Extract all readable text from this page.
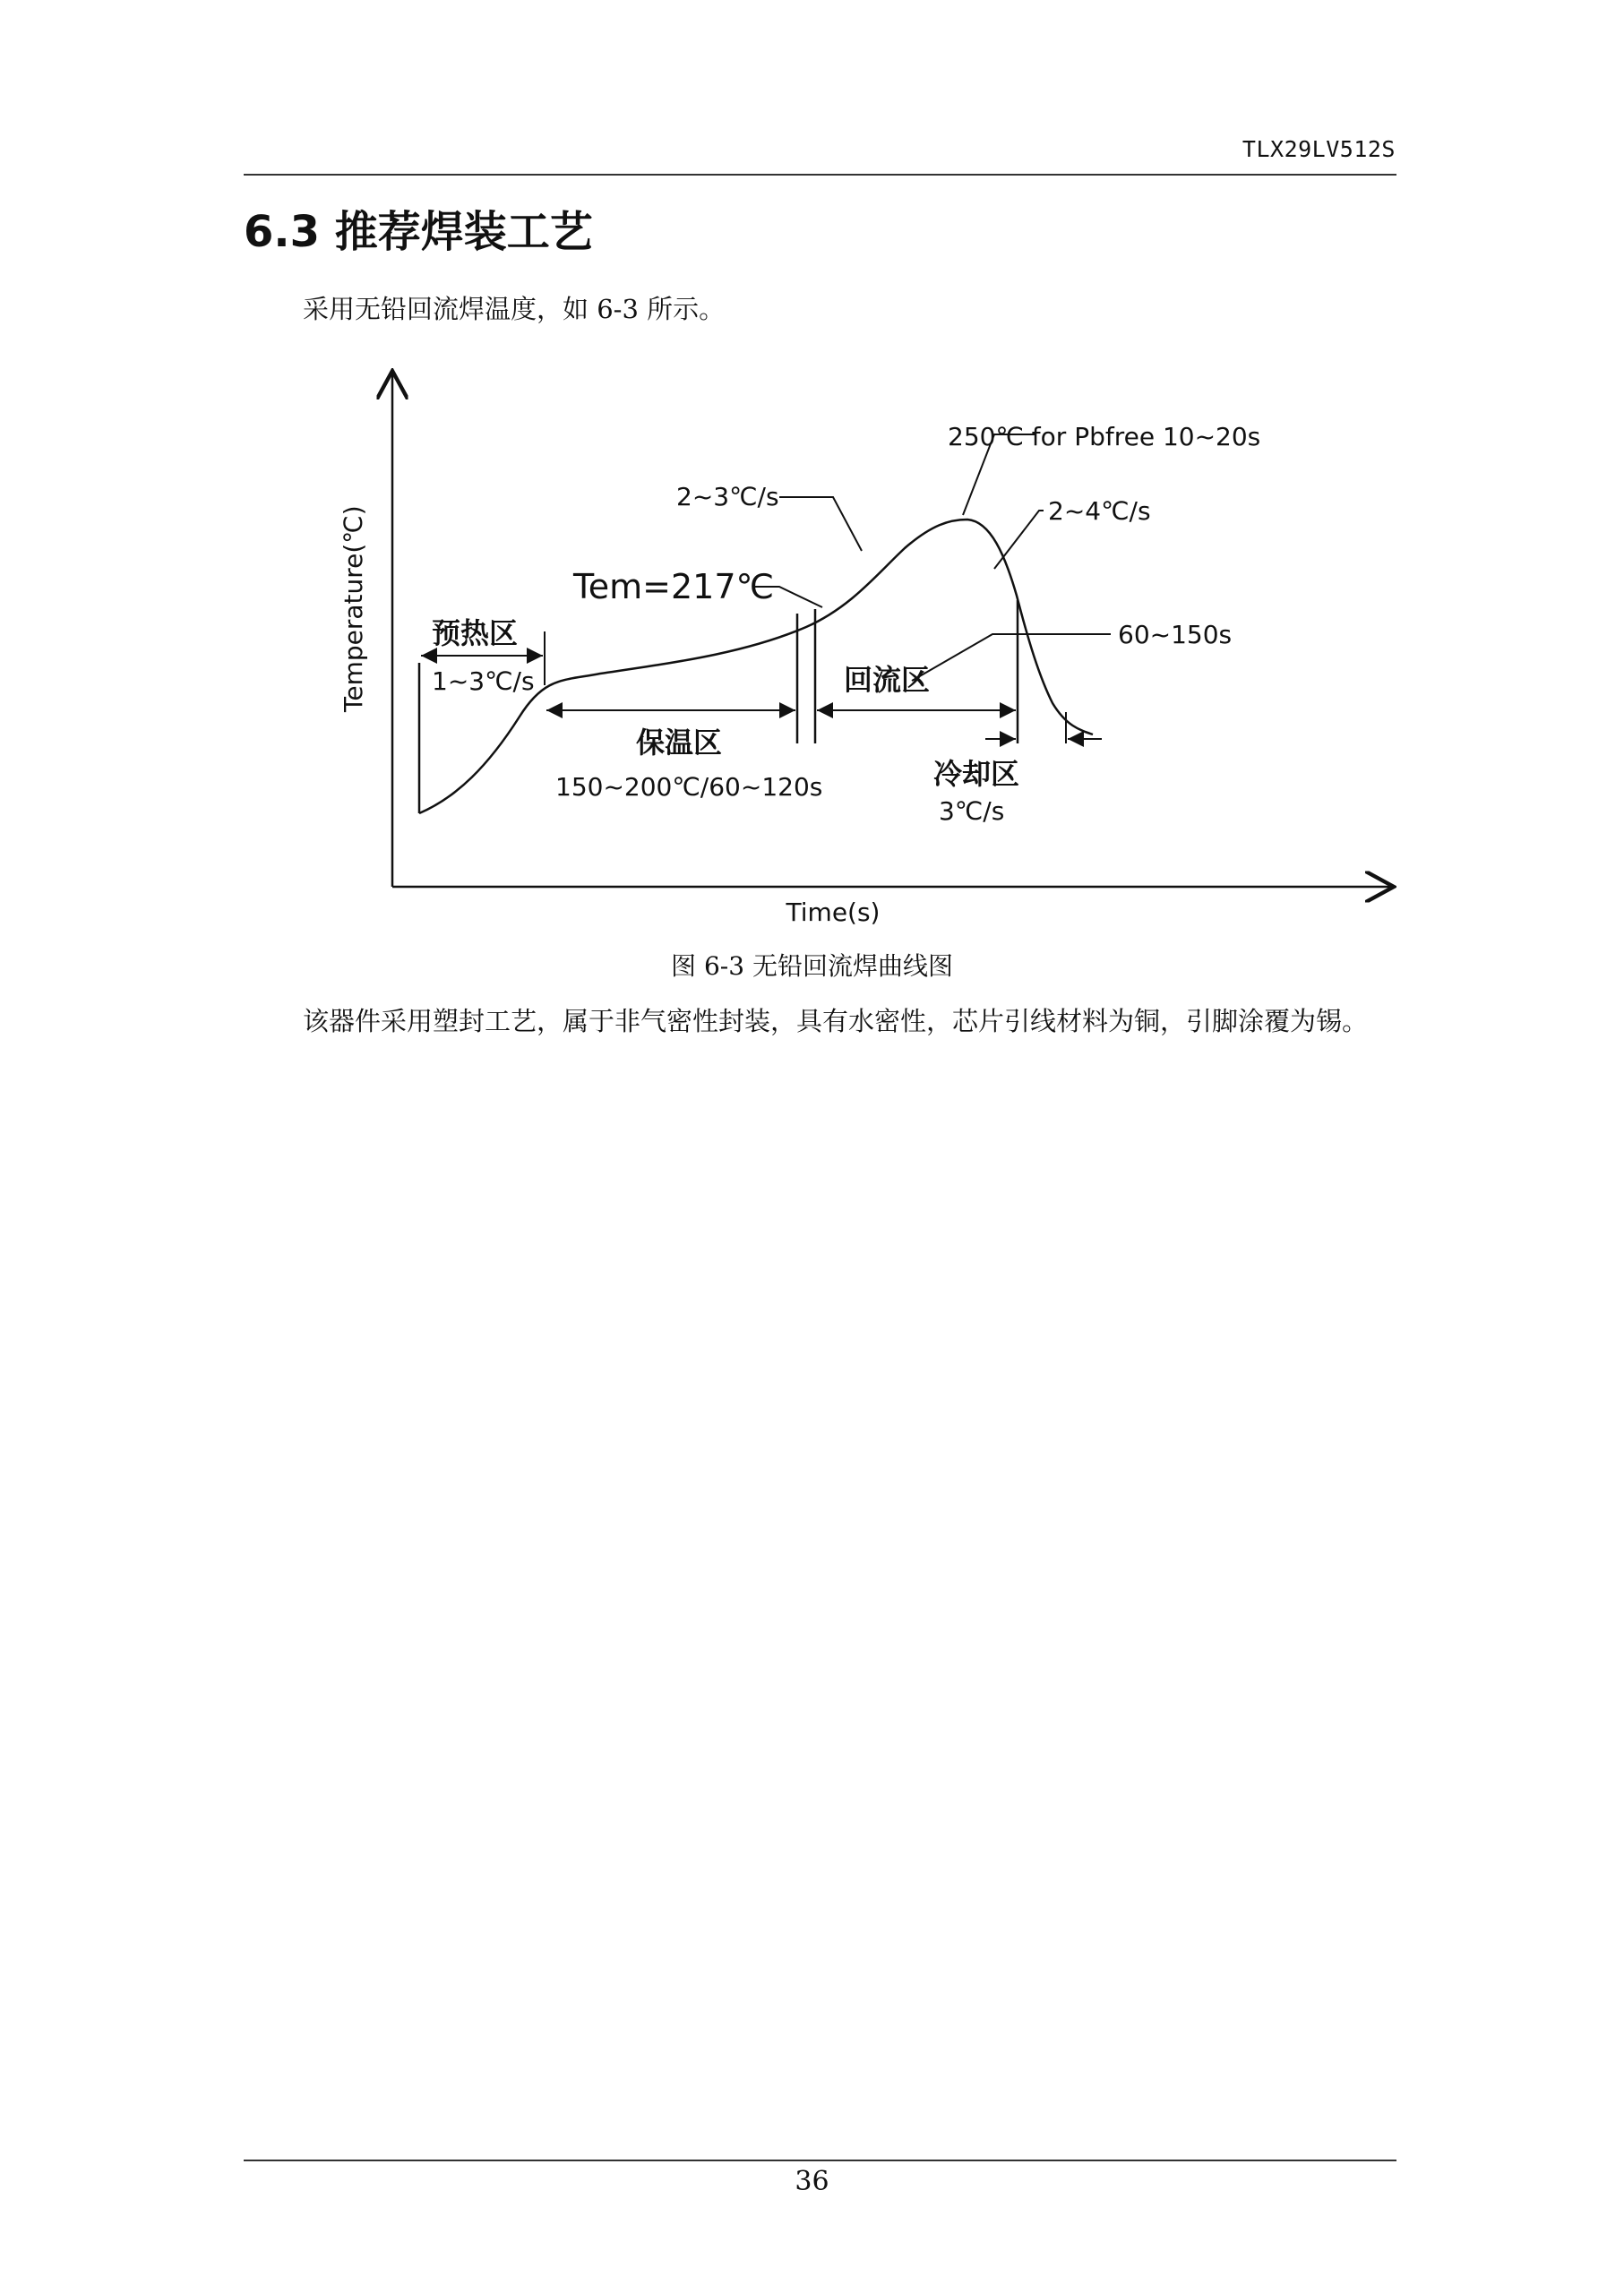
TLX29LV512S
6.3 推荐焊装工艺

采用无铅回流焊温度，如 6-3 所示。

Temperature(℃)
Time(s)
250℃ for Pbfree 10~20s
2~3℃/s	2~4℃/s
Tem=217℃
60~150s
预热区
1~3℃/s
保温区
150~200℃/60~120s
回流区
冷却区
3℃/s
图 6-3 无铅回流焊曲线图

该器件采用塑封工艺，属于非气密性封装，具有水密性，芯片引线材料为铜，引脚涂覆为锡。

36
